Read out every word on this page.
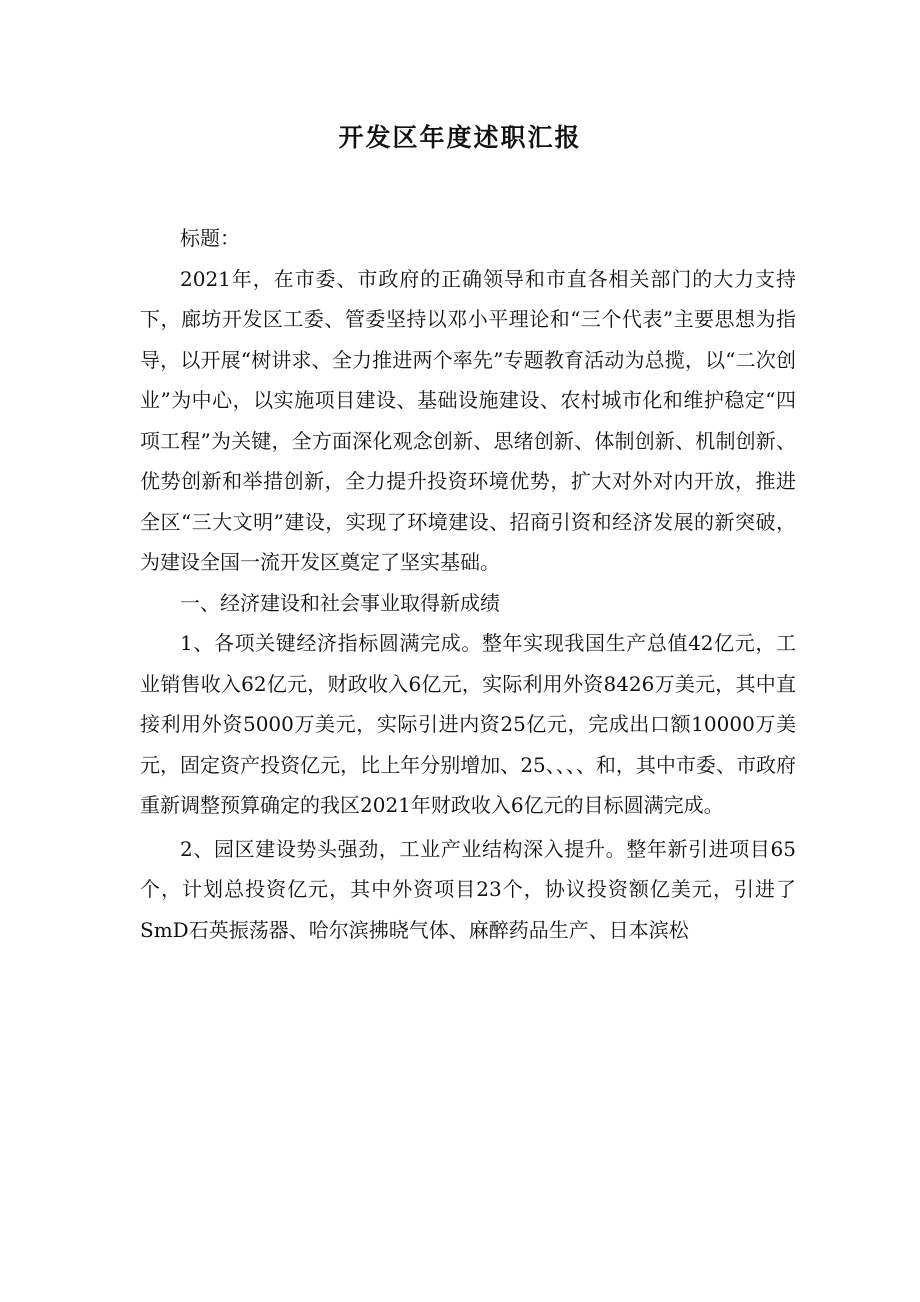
开发区年度述职汇报

标题：

2021年，在市委、市政府的正确领导和市直各相关部门的大力支持下，廊坊开发区工委、管委坚持以邓小平理论和“三个代表”主要思想为指导，以开展“树讲求、全力推进两个率先”专题教育活动为总揽，以“二次创业”为中心，以实施项目建设、基础设施建设、农村城市化和维护稳定“四项工程”为关键，全方面深化观念创新、思绪创新、体制创新、机制创新、优势创新和举措创新，全力提升投资环境优势，扩大对外对内开放，推进全区“三大文明”建设，实现了环境建设、招商引资和经济发展的新突破，为建设全国一流开发区奠定了坚实基础。

一、经济建设和社会事业取得新成绩

1、各项关键经济指标圆满完成。整年实现我国生产总值42亿元，工业销售收入62亿元，财政收入6亿元，实际利用外资8426万美元，其中直接利用外资5000万美元，实际引进内资25亿元，完成出口额10000万美元，固定资产投资亿元，比上年分别增加、25、、、、和，其中市委、市政府重新调整预算确定的我区2021年财政收入6亿元的目标圆满完成。

2、园区建设势头强劲，工业产业结构深入提升。整年新引进项目65个，计划总投资亿元，其中外资项目23个，协议投资额亿美元，引进了SmD石英振荡器、哈尔滨拂晓气体、麻醉药品生产、日本滨松
